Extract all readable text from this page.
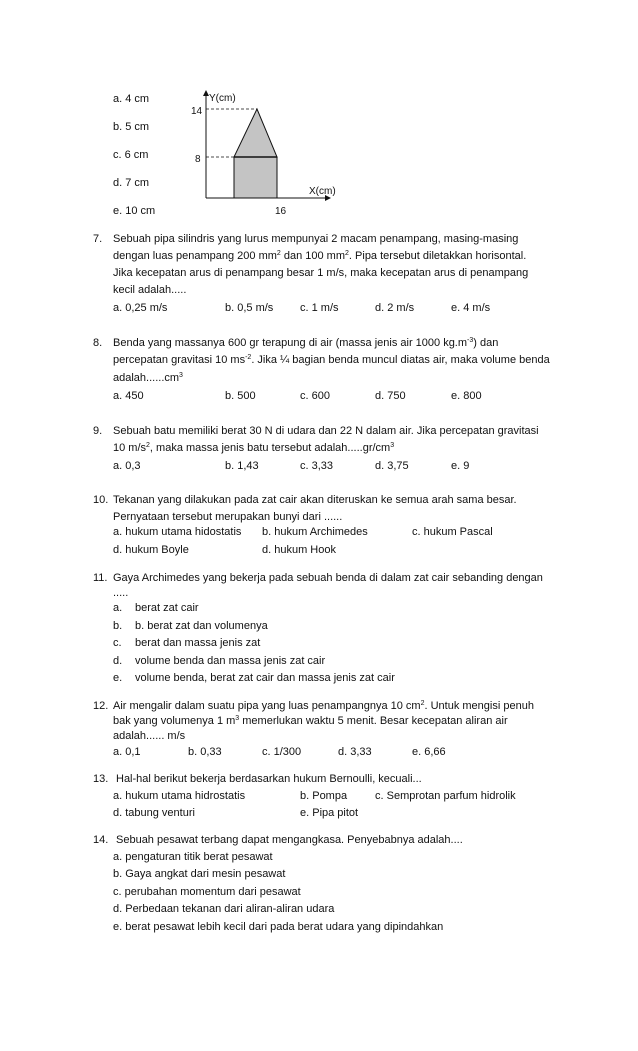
a. 4 cm
b. 5 cm
c. 6 cm
d. 7 cm
e. 10 cm
Y(cm)
X(cm)
14
8
16
7. Sebuah pipa silindris yang lurus mempunyai 2 macam penampang, masing-masing
dengan luas penampang 200 $mm^2$ dan 100 $mm^2$. Pipa tersebut diletakkan horisontal.
Jika kecepatan arus di penampang besar 1 m/s, maka kecepatan arus di penampang
kecil adalah.....
a. 0,25 m/s	b. 0,5 m/s c. 1 m/s	d. 2 m/s	e. 4 m/s
8. Benda yang massanya 600 gr terapung di air (massa jenis air 1000 $kg.m^{-3}$) dan
percepatan gravitasi 10 $ms^{-2}$. Jika ¼ bagian benda muncul diatas air, maka volume benda
$adalah......cm^3$
a. 450	b. 500	c. 600	d. 750	e. 800
9. Sebuah batu memiliki berat 30 N di udara dan 22 N dalam air. Jika percepatan gravitasi
10 $m/s^2$, maka massa jenis batu tersebut $adalah.....gr/cm^3$
a. 0,3	b. 1,43	c. 3,33	d. 3,75	e. 9
10. Tekanan yang dilakukan pada zat cair akan diteruskan ke semua arah sama besar.
Pernyataan tersebut merupakan bunyi dari ......
a. hukum utama hidostatis b. hukum Archimedes	c. hukum Pascal
d. hukum Boyle	d. hukum Hook
11. Gaya Archimedes yang bekerja pada sebuah benda di dalam zat cair sebanding dengan
.....
a. berat zat cair
b. b. berat zat dan volumenya
c. berat dan massa jenis zat
d. volume benda dan massa jenis zat cair
e. volume benda, berat zat cair dan massa jenis zat cair
12. Air mengalir dalam suatu pipa yang luas penampangnya 10 $cm^2$. Untuk mengisi penuh
bak yang volumenya 1 $m^3$ memerlukan waktu 5 menit. Besar kecepatan aliran air
adalah...... m/s
a. 0,1	b. 0,33	c. 1/300	d. 3,33	e. 6,66
13. Hal-hal berikut bekerja berdasarkan hukum Bernoulli, kecuali...
a. hukum utama hidrostatis	b. Pompa	c. Semprotan parfum hidrolik
d. tabung venturi	e. Pipa pitot
14. Sebuah pesawat terbang dapat mengangkasa. Penyebabnya adalah....
a. pengaturan titik berat pesawat
b. Gaya angkat dari mesin pesawat
c. perubahan momentum dari pesawat
d. Perbedaan tekanan dari aliran-aliran udara
e. berat pesawat lebih kecil dari pada berat udara yang dipindahkan
